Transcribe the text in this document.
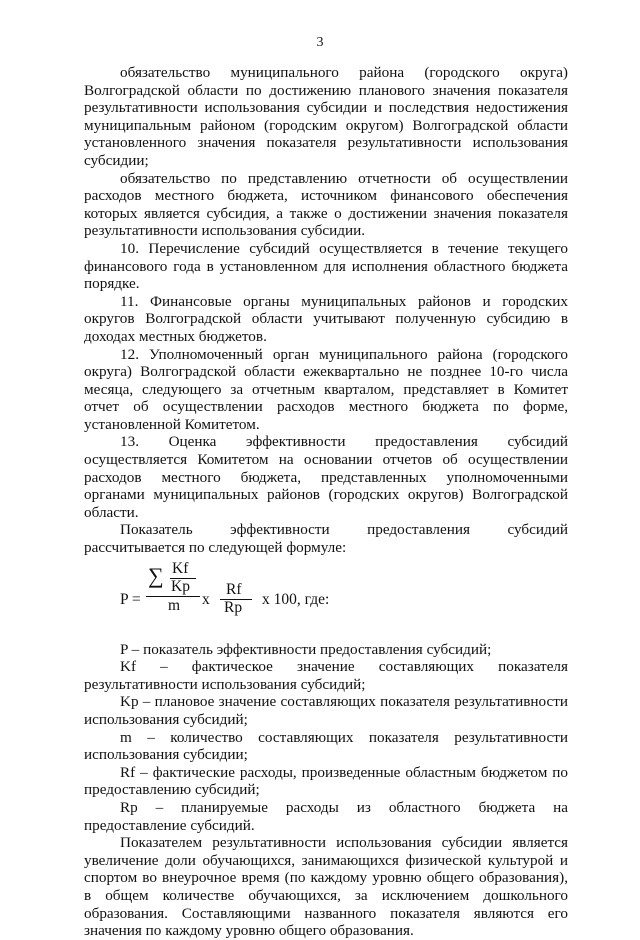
3

обязательство муниципального района (городского округа) Волгоградской области по достижению планового значения показателя результативности использования субсидии и последствия недостижения муниципальным районом (городским округом) Волгоградской области установленного значения показателя результативности использования субсидии;

обязательство по представлению отчетности об осуществлении расходов местного бюджета, источником финансового обеспечения которых является субсидия, а также о достижении значения показателя результативности использования субсидии.

10. Перечисление субсидий осуществляется в течение текущего финансового года в установленном для исполнения областного бюджета порядке.

11. Финансовые органы муниципальных районов и городских округов Волгоградской области учитывают полученную субсидию в доходах местных бюджетов.

12. Уполномоченный орган муниципального района (городского округа) Волгоградской области ежеквартально не позднее 10-го числа месяца, следующего за отчетным кварталом, представляет в Комитет отчет об осуществлении расходов местного бюджета по форме, установленной Комитетом.

13. Оценка эффективности предоставления субсидий осуществляется Комитетом на основании отчетов об осуществлении расходов местного бюджета, представленных уполномоченными органами муниципальных районов (городских округов) Волгоградской области.

Показатель эффективности предоставления субсидий рассчитывается по следующей формуле:

P =
∑ Kf
Kp
m x
Rf
Rp x 100, где:

P – показатель эффективности предоставления субсидий;

Kf – фактическое значение составляющих показателя результативности использования субсидий;

Kp – плановое значение составляющих показателя результативности использования субсидий;

m – количество составляющих показателя результативности использования субсидии;

Rf – фактические расходы, произведенные областным бюджетом по предоставлению субсидий;

Rp – планируемые расходы из областного бюджета на предоставление субсидий.

Показателем результативности использования субсидии является увеличение доли обучающихся, занимающихся физической культурой и спортом во внеурочное время (по каждому уровню общего образования), в общем количестве обучающихся, за исключением дошкольного образования. Составляющими названного показателя являются его значения по каждому уровню общего образования.
